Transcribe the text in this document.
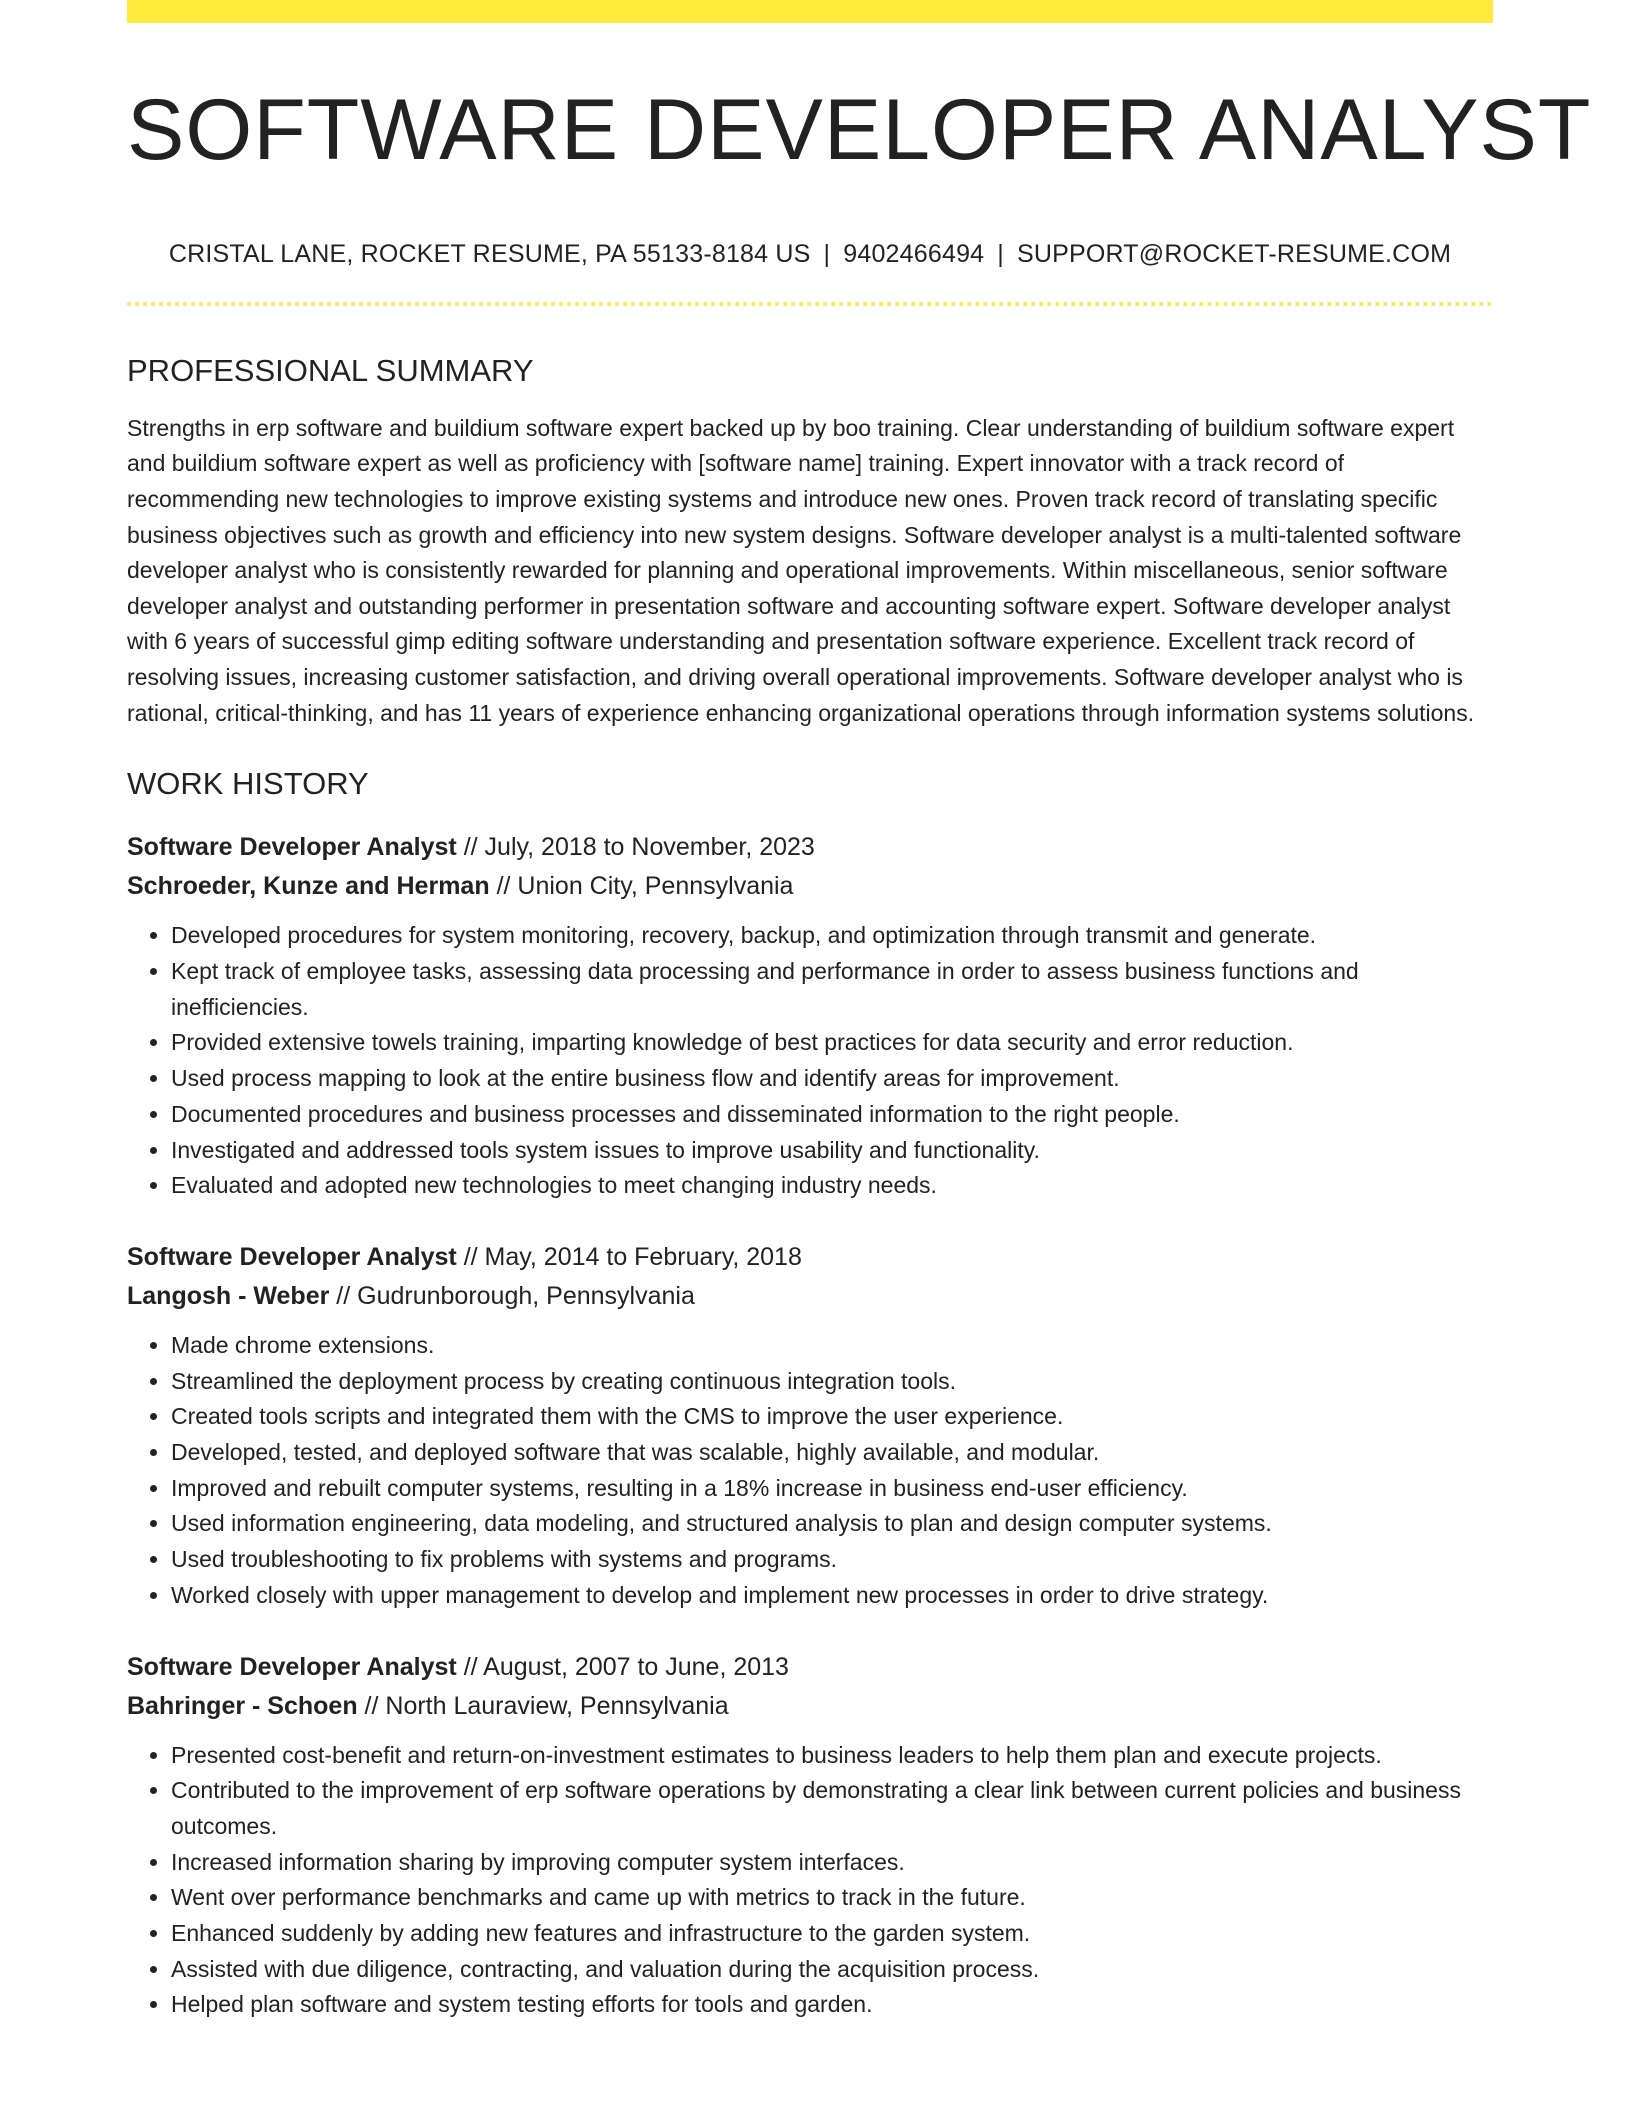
SOFTWARE DEVELOPER ANALYST
CRISTAL LANE, ROCKET RESUME, PA 55133-8184 US | 9402466494 | SUPPORT@ROCKET-RESUME.COM
PROFESSIONAL SUMMARY

Strengths in erp software and buildium software expert backed up by boo training. Clear understanding of buildium software expert and buildium software expert as well as proficiency with [software name] training. Expert innovator with a track record of recommending new technologies to improve existing systems and introduce new ones. Proven track record of translating specific business objectives such as growth and efficiency into new system designs. Software developer analyst is a multi-talented software developer analyst who is consistently rewarded for planning and operational improvements. Within miscellaneous, senior software developer analyst and outstanding performer in presentation software and accounting software expert. Software developer analyst with 6 years of successful gimp editing software understanding and presentation software experience. Excellent track record of resolving issues, increasing customer satisfaction, and driving overall operational improvements. Software developer analyst who is rational, critical-thinking, and has 11 years of experience enhancing organizational operations through information systems solutions.

WORK HISTORY
Software Developer Analyst // July, 2018 to November, 2023
Schroeder, Kunze and Herman // Union City, Pennsylvania
• Developed procedures for system monitoring, recovery, backup, and optimization through transmit and generate.
• Kept track of employee tasks, assessing data processing and performance in order to assess business functions and inefficiencies.
• Provided extensive towels training, imparting knowledge of best practices for data security and error reduction.
• Used process mapping to look at the entire business flow and identify areas for improvement.
• Documented procedures and business processes and disseminated information to the right people.
• Investigated and addressed tools system issues to improve usability and functionality.
• Evaluated and adopted new technologies to meet changing industry needs.
Software Developer Analyst // May, 2014 to February, 2018
Langosh - Weber // Gudrunborough, Pennsylvania
• Made chrome extensions.
• Streamlined the deployment process by creating continuous integration tools.
• Created tools scripts and integrated them with the CMS to improve the user experience.
• Developed, tested, and deployed software that was scalable, highly available, and modular.
• Improved and rebuilt computer systems, resulting in a 18% increase in business end-user efficiency.
• Used information engineering, data modeling, and structured analysis to plan and design computer systems.
• Used troubleshooting to fix problems with systems and programs.
• Worked closely with upper management to develop and implement new processes in order to drive strategy.
Software Developer Analyst // August, 2007 to June, 2013
Bahringer - Schoen // North Lauraview, Pennsylvania
• Presented cost-benefit and return-on-investment estimates to business leaders to help them plan and execute projects.
• Contributed to the improvement of erp software operations by demonstrating a clear link between current policies and business outcomes.
• Increased information sharing by improving computer system interfaces.
• Went over performance benchmarks and came up with metrics to track in the future.
• Enhanced suddenly by adding new features and infrastructure to the garden system.
• Assisted with due diligence, contracting, and valuation during the acquisition process.
• Helped plan software and system testing efforts for tools and garden.
